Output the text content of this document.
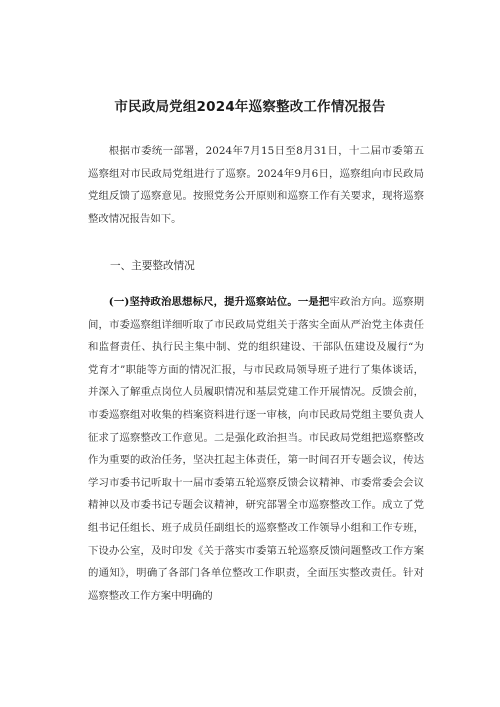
市民政局党组2024年巡察整改工作情况报告

根据市委统一部署，2024年7月15日至8月31日，十二届市委第五巡察组对市民政局党组进行了巡察。2024年9月6日，巡察组向市民政局党组反馈了巡察意见。按照党务公开原则和巡察工作有关要求，现将巡察整改情况报告如下。

一、主要整改情况

(一)坚持政治思想标尺，提升巡察站位。一是把牢政治方向。巡察期间，市委巡察组详细听取了市民政局党组关于落实全面从严治党主体责任和监督责任、执行民主集中制、党的组织建设、干部队伍建设及履行“为党育才”职能等方面的情况汇报，与市民政局领导班子进行了集体谈话，并深入了解重点岗位人员履职情况和基层党建工作开展情况。反馈会前，市委巡察组对收集的档案资料进行逐一审核，向市民政局党组主要负责人征求了巡察整改工作意见。二是强化政治担当。市民政局党组把巡察整改作为重要的政治任务，坚决扛起主体责任，第一时间召开专题会议，传达学习市委书记听取十一届市委第五轮巡察反馈会议精神、市委常委会会议精神以及市委书记专题会议精神，研究部署全市巡察整改工作。成立了党组书记任组长、班子成员任副组长的巡察整改工作领导小组和工作专班，下设办公室，及时印发《关于落实市委第五轮巡察反馈问题整改工作方案的通知》，明确了各部门各单位整改工作职责，全面压实整改责任。针对巡察整改工作方案中明确的
